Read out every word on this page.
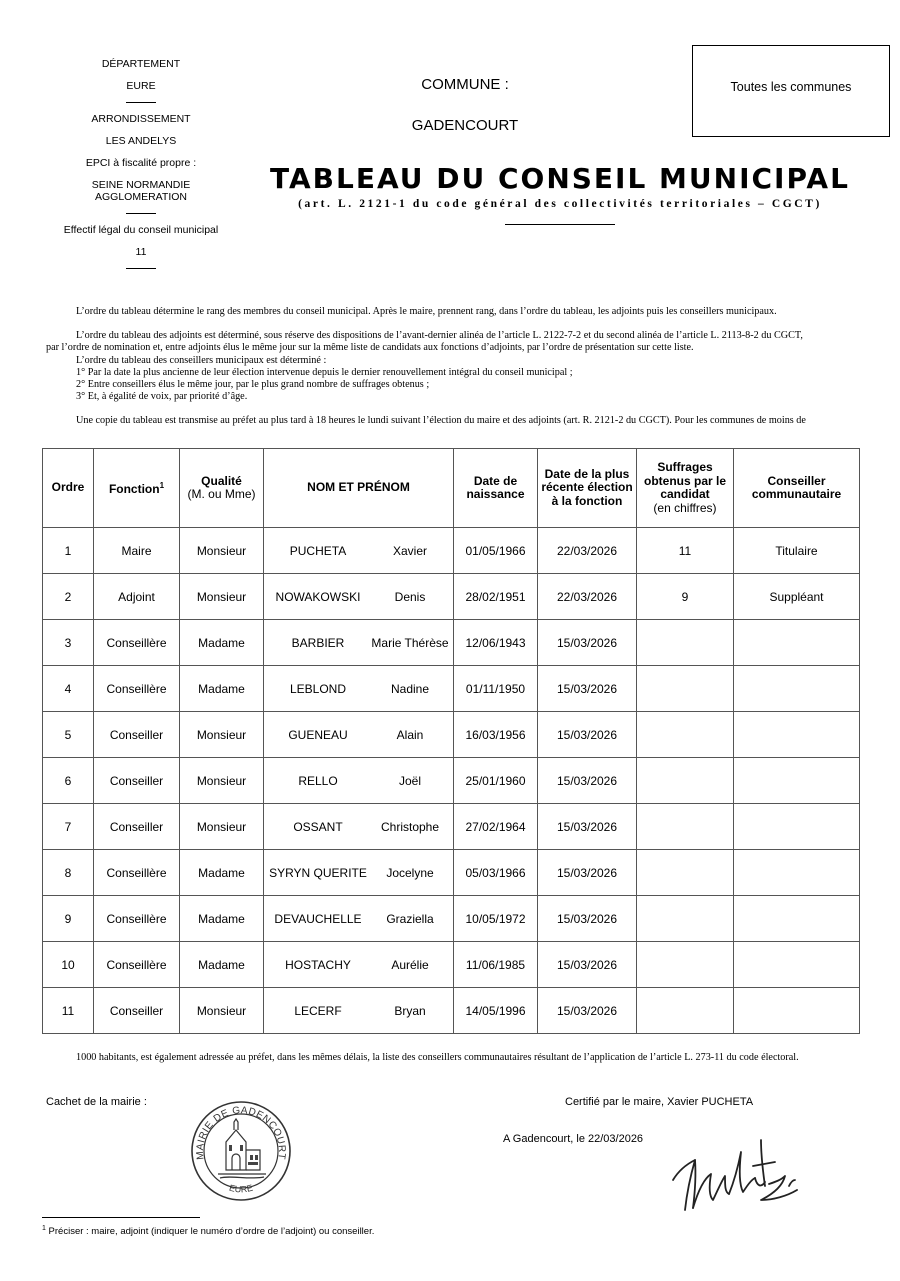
DÉPARTEMENT
EURE
ARRONDISSEMENT
LES ANDELYS
EPCI à fiscalité propre :
SEINE NORMANDIE
AGGLOMERATION
Effectif légal du conseil municipal
11
COMMUNE :
GADENCOURT
Toutes les communes
TABLEAU DU CONSEIL MUNICIPAL
(art. L. 2121-1 du code général des collectivités territoriales – CGCT)

L’ordre du tableau détermine le rang des membres du conseil municipal. Après le maire, prennent rang, dans l’ordre du tableau, les adjoints puis les conseillers municipaux.

L’ordre du tableau des adjoints est déterminé, sous réserve des dispositions de l’avant-dernier alinéa de l’article L. 2122-7-2 et du second alinéa de l’article L. 2113-8-2 du CGCT,

par l’ordre de nomination et, entre adjoints élus le même jour sur la même liste de candidats aux fonctions d’adjoints, par l’ordre de présentation sur cette liste.

L’ordre du tableau des conseillers municipaux est déterminé :

1° Par la date la plus ancienne de leur élection intervenue depuis le dernier renouvellement intégral du conseil municipal ;

2° Entre conseillers élus le même jour, par le plus grand nombre de suffrages obtenus ;

3° Et, à égalité de voix, par priorité d’âge.

Une copie du tableau est transmise au préfet au plus tard à 18 heures le lundi suivant l’élection du maire et des adjoints (art. R. 2121-2 du CGCT). Pour les communes de moins de

Ordre	Fonction$^1$	Qualité
(M. ou Mme)	NOM ET PRÉNOM	Date de
naissance	Date de la plus
récente élection
à la fonction	Suffrages
obtenus par le
candidat
(en chiffres)	Conseiller
communautaire
1	Maire	Monsieur	PUCHETA Xavier	01/05/1966	22/03/2026	11	Titulaire
2	Adjoint	Monsieur	NOWAKOWSKI Denis	28/02/1951	22/03/2026	9	Suppléant
3	Conseillère	Madame	BARBIER Marie Thérèse	12/06/1943	15/03/2026		
4	Conseillère	Madame	LEBLOND Nadine	01/11/1950	15/03/2026		
5	Conseiller	Monsieur	GUENEAU Alain	16/03/1956	15/03/2026		
6	Conseiller	Monsieur	RELLO Joël	25/01/1960	15/03/2026		
7	Conseiller	Monsieur	OSSANT Christophe	27/02/1964	15/03/2026		
8	Conseillère	Madame	SYRYN QUERITE Jocelyne	05/03/1966	15/03/2026		
9	Conseillère	Madame	DEVAUCHELLE Graziella	10/05/1972	15/03/2026		
10	Conseillère	Madame	HOSTACHY Aurélie	11/06/1985	15/03/2026		
11	Conseiller	Monsieur	LECERF Bryan	14/05/1996	15/03/2026		
1000 habitants, est également adressée au préfet, dans les mêmes délais, la liste des conseillers communautaires résultant de l’application de l’article L. 273-11 du code électoral.
Cachet de la mairie :	Certifié par le maire, Xavier PUCHETA
A Gadencourt, le 22/03/2026
MAIRIE DE GADENCOURT
EURE
$^1$ Préciser : maire, adjoint (indiquer le numéro d’ordre de l’adjoint) ou conseiller.
